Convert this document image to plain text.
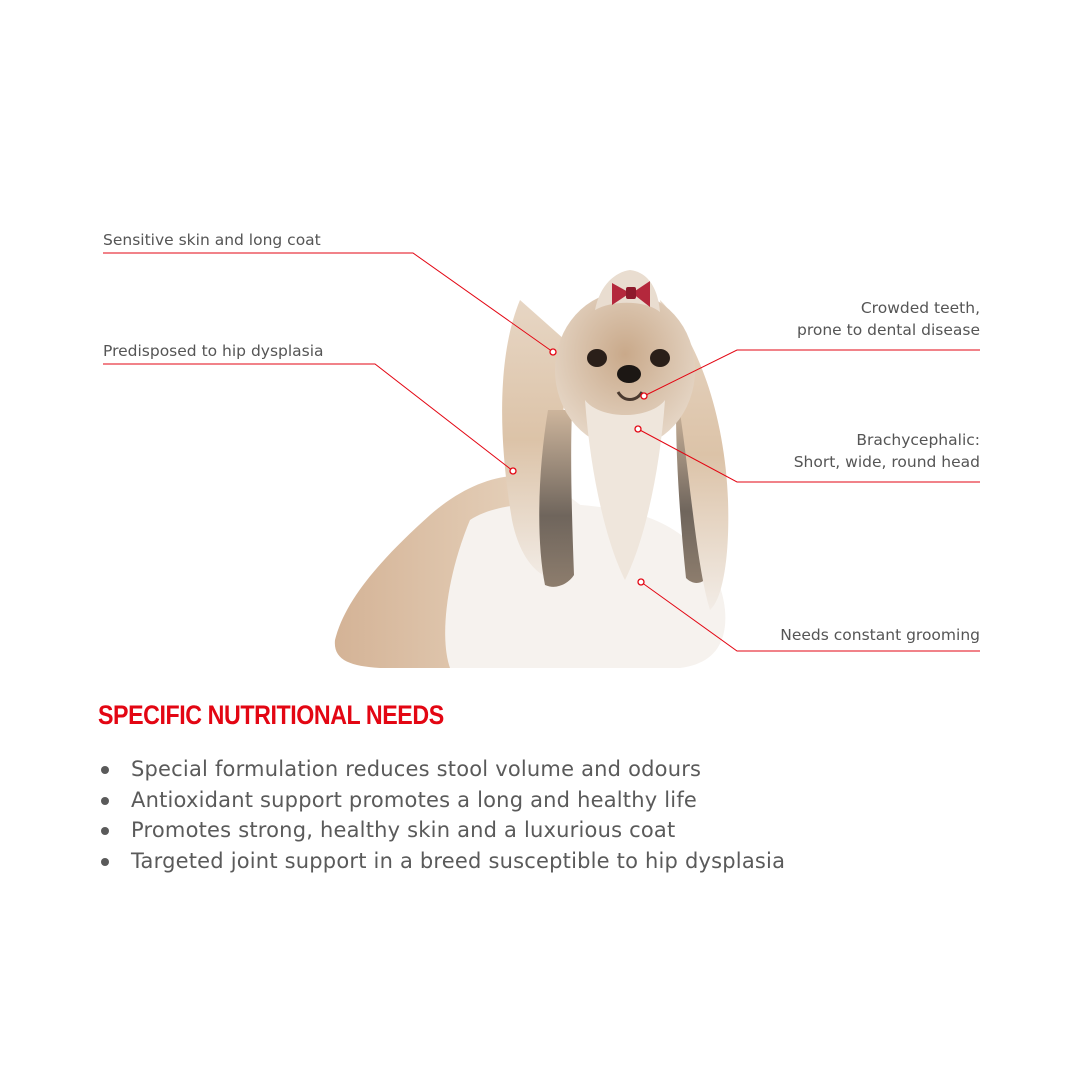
Sensitive skin and long coat
Predisposed to hip dysplasia
Crowded teeth,
prone to dental disease
Brachycephalic:
Short, wide, round head
Needs constant grooming
SPECIFIC NUTRITIONAL NEEDS
Special formulation reduces stool volume and odours
Antioxidant support promotes a long and healthy life
Promotes strong, healthy skin and a luxurious coat
Targeted joint support in a breed susceptible to hip dysplasia
